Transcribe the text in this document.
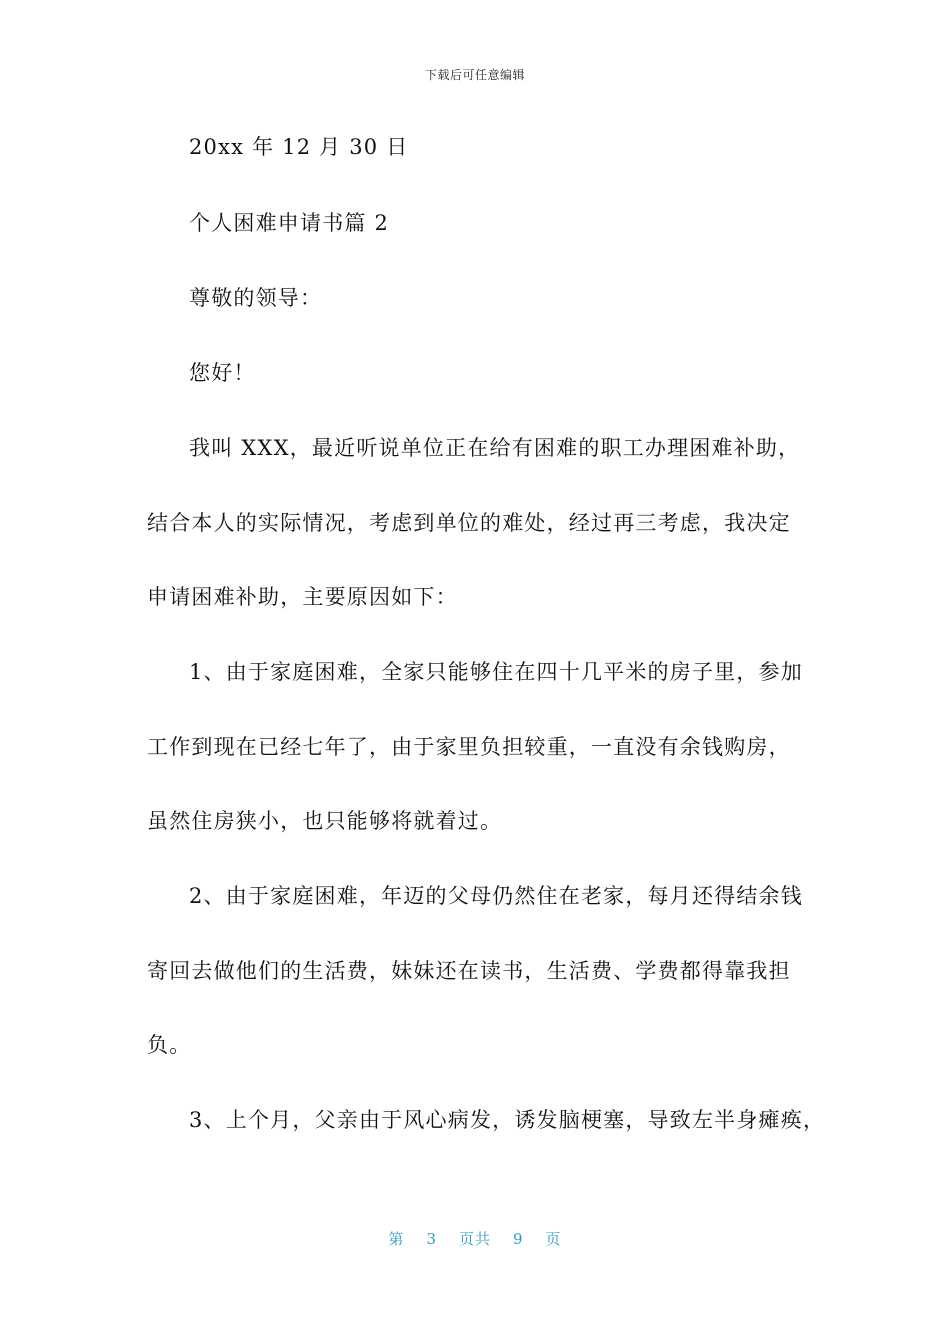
下载后可任意编辑
20xx 年 12 月 30 日
个人困难申请书篇 2
尊敬的领导：
您好！
我叫 XXX，最近听说单位正在给有困难的职工办理困难补助，
结合本人的实际情况，考虑到单位的难处，经过再三考虑，我决定
申请困难补助，主要原因如下：
1、由于家庭困难，全家只能够住在四十几平米的房子里，参加
工作到现在已经七年了，由于家里负担较重，一直没有余钱购房，
虽然住房狭小，也只能够将就着过。
2、由于家庭困难，年迈的父母仍然住在老家，每月还得结余钱
寄回去做他们的生活费，妹妹还在读书，生活费、学费都得靠我担
负。
3、上个月，父亲由于风心病发，诱发脑梗塞，导致左半身瘫痪，
第 3 页共 9 页
